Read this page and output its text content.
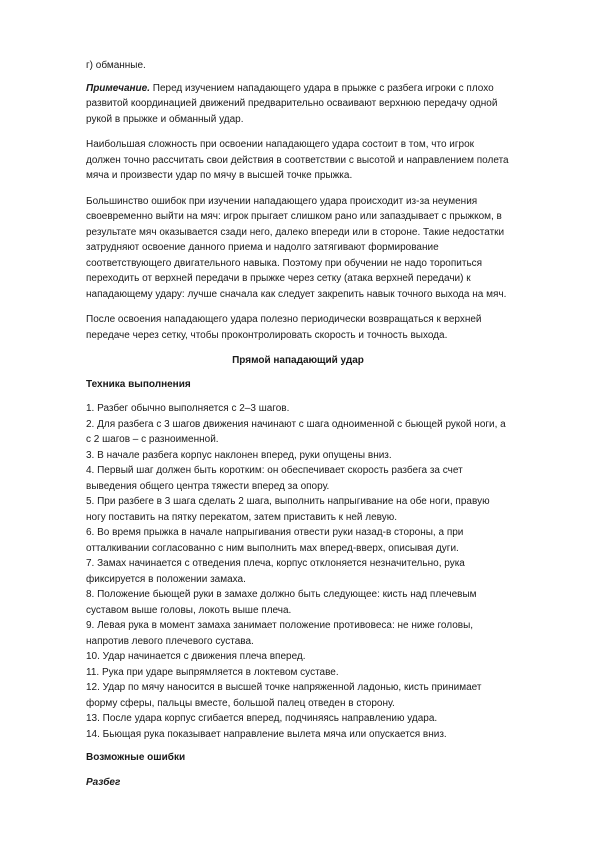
г) обманные.

Примечание. Перед изучением нападающего удара в прыжке с разбега игроки с плохо развитой координацией движений предварительно осваивают верхнюю передачу одной рукой в прыжке и обманный удар.

Наибольшая сложность при освоении нападающего удара состоит в том, что игрок должен точно рассчитать свои действия в соответствии с высотой и направлением полета мяча и произвести удар по мячу в высшей точке прыжка.

Большинство ошибок при изучении нападающего удара происходит из-за неумения своевременно выйти на мяч: игрок прыгает слишком рано или запаздывает с прыжком, в результате мяч оказывается сзади него, далеко впереди или в стороне. Такие недостатки затрудняют освоение данного приема и надолго затягивают формирование соответствующего двигательного навыка. Поэтому при обучении не надо торопиться переходить от верхней передачи в прыжке через сетку (атака верхней передачи) к нападающему удару: лучше сначала как следует закрепить навык точного выхода на мяч.

После освоения нападающего удара полезно периодически возвращаться к верхней передаче через сетку, чтобы проконтролировать скорость и точность выхода.

Прямой нападающий удар

Техника выполнения

1. Разбег обычно выполняется с 2–3 шагов.

2. Для разбега с 3 шагов движения начинают с шага одноименной с бьющей рукой ноги, а с 2 шагов – с разноименной.

3. В начале разбега корпус наклонен вперед, руки опущены вниз.

4. Первый шаг должен быть коротким: он обеспечивает скорость разбега за счет выведения общего центра тяжести вперед за опору.

5. При разбеге в 3 шага сделать 2 шага, выполнить напрыгивание на обе ноги, правую ногу поставить на пятку перекатом, затем приставить к ней левую.

6. Во время прыжка в начале напрыгивания отвести руки назад-в стороны, а при отталкивании согласованно с ним выполнить мах вперед-вверх, описывая дуги.

7. Замах начинается с отведения плеча, корпус отклоняется незначительно, рука фиксируется в положении замаха.

8. Положение бьющей руки в замахе должно быть следующее: кисть над плечевым суставом выше головы, локоть выше плеча.

9. Левая рука в момент замаха занимает положение противовеса: не ниже головы, напротив левого плечевого сустава.

10. Удар начинается с движения плеча вперед.

11. Рука при ударе выпрямляется в локтевом суставе.

12. Удар по мячу наносится в высшей точке напряженной ладонью, кисть принимает форму сферы, пальцы вместе, большой палец отведен в сторону.

13. После удара корпус сгибается вперед, подчиняясь направлению удара.

14. Бьющая рука показывает направление вылета мяча или опускается вниз.

Возможные ошибки

Разбег
